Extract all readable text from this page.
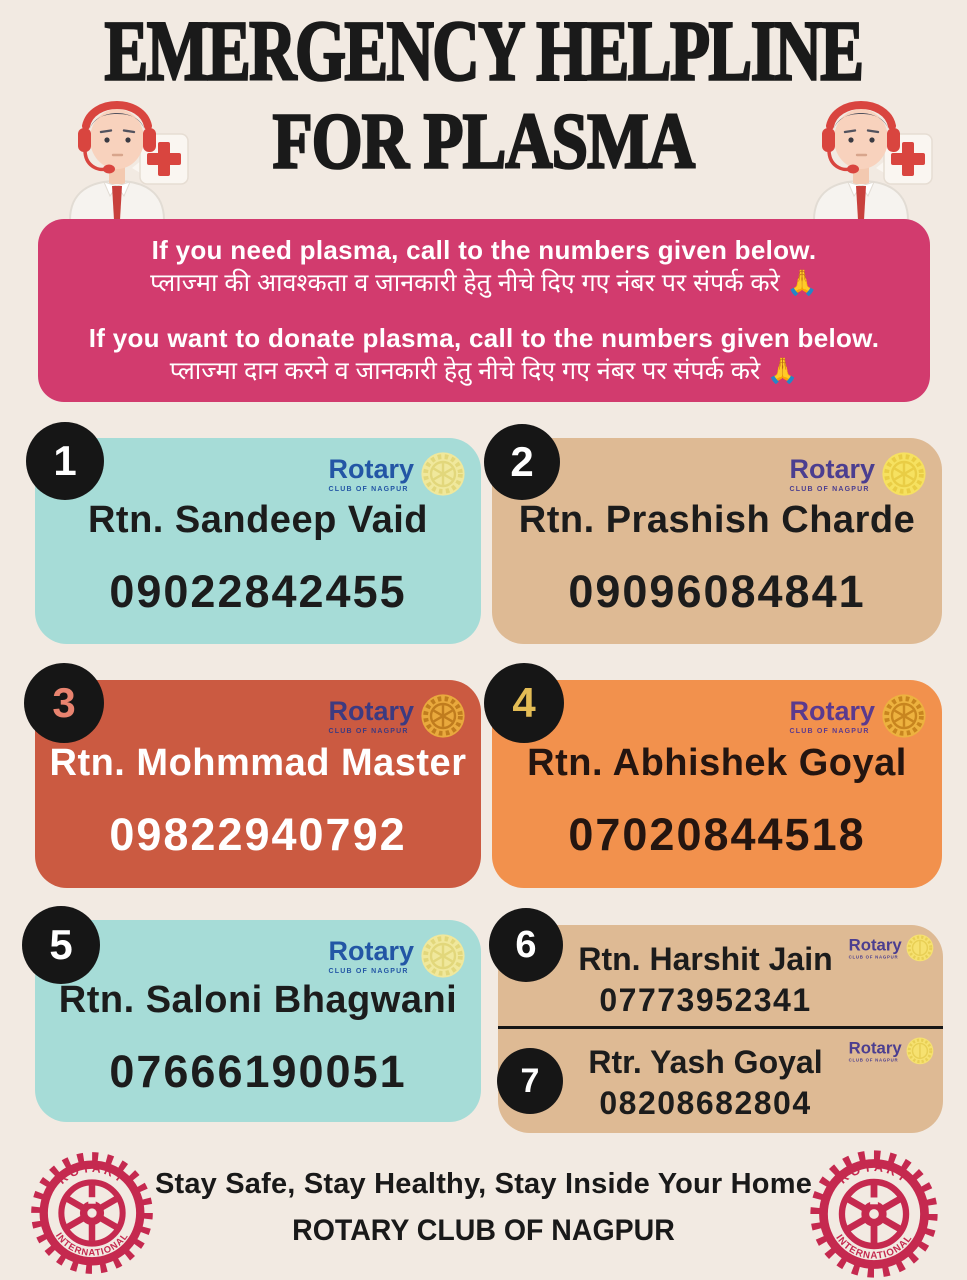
EMERGENCY HELPLINE
FOR PLASMA

If you need plasma, call to the numbers given below.

प्लाज्मा की आवश्कता व जानकारी हेतु नीचे दिए गए नंबर पर संपर्क करे 🙏

If you want to donate plasma, call to the numbers given below.

प्लाज्मा दान करने व जानकारी हेतु नीचे दिए गए नंबर पर संपर्क करे 🙏

Rotary
CLUB OF NAGPUR
Rtn. Sandeep Vaid
09022842455
1	Rotary
CLUB OF NAGPUR
Rtn. Prashish Charde
09096084841
2
Rotary
CLUB OF NAGPUR
Rtn. Mohmmad Master
09822940792
3	Rotary
CLUB OF NAGPUR
Rtn. Abhishek Goyal
07020844518
4
Rotary
CLUB OF NAGPUR
Rtn. Saloni Bhagwani
07666190051
5	Rtn. Harshit Jain
07773952341
Rotary
CLUB OF NAGPUR
Rtr. Yash Goyal
08208682804
Rotary
CLUB OF NAGPUR
6
7
ROTARY
INTERNATIONAL
ROTARY
INTERNATIONAL
Stay Safe, Stay Healthy, Stay Inside Your Home
ROTARY CLUB OF NAGPUR
